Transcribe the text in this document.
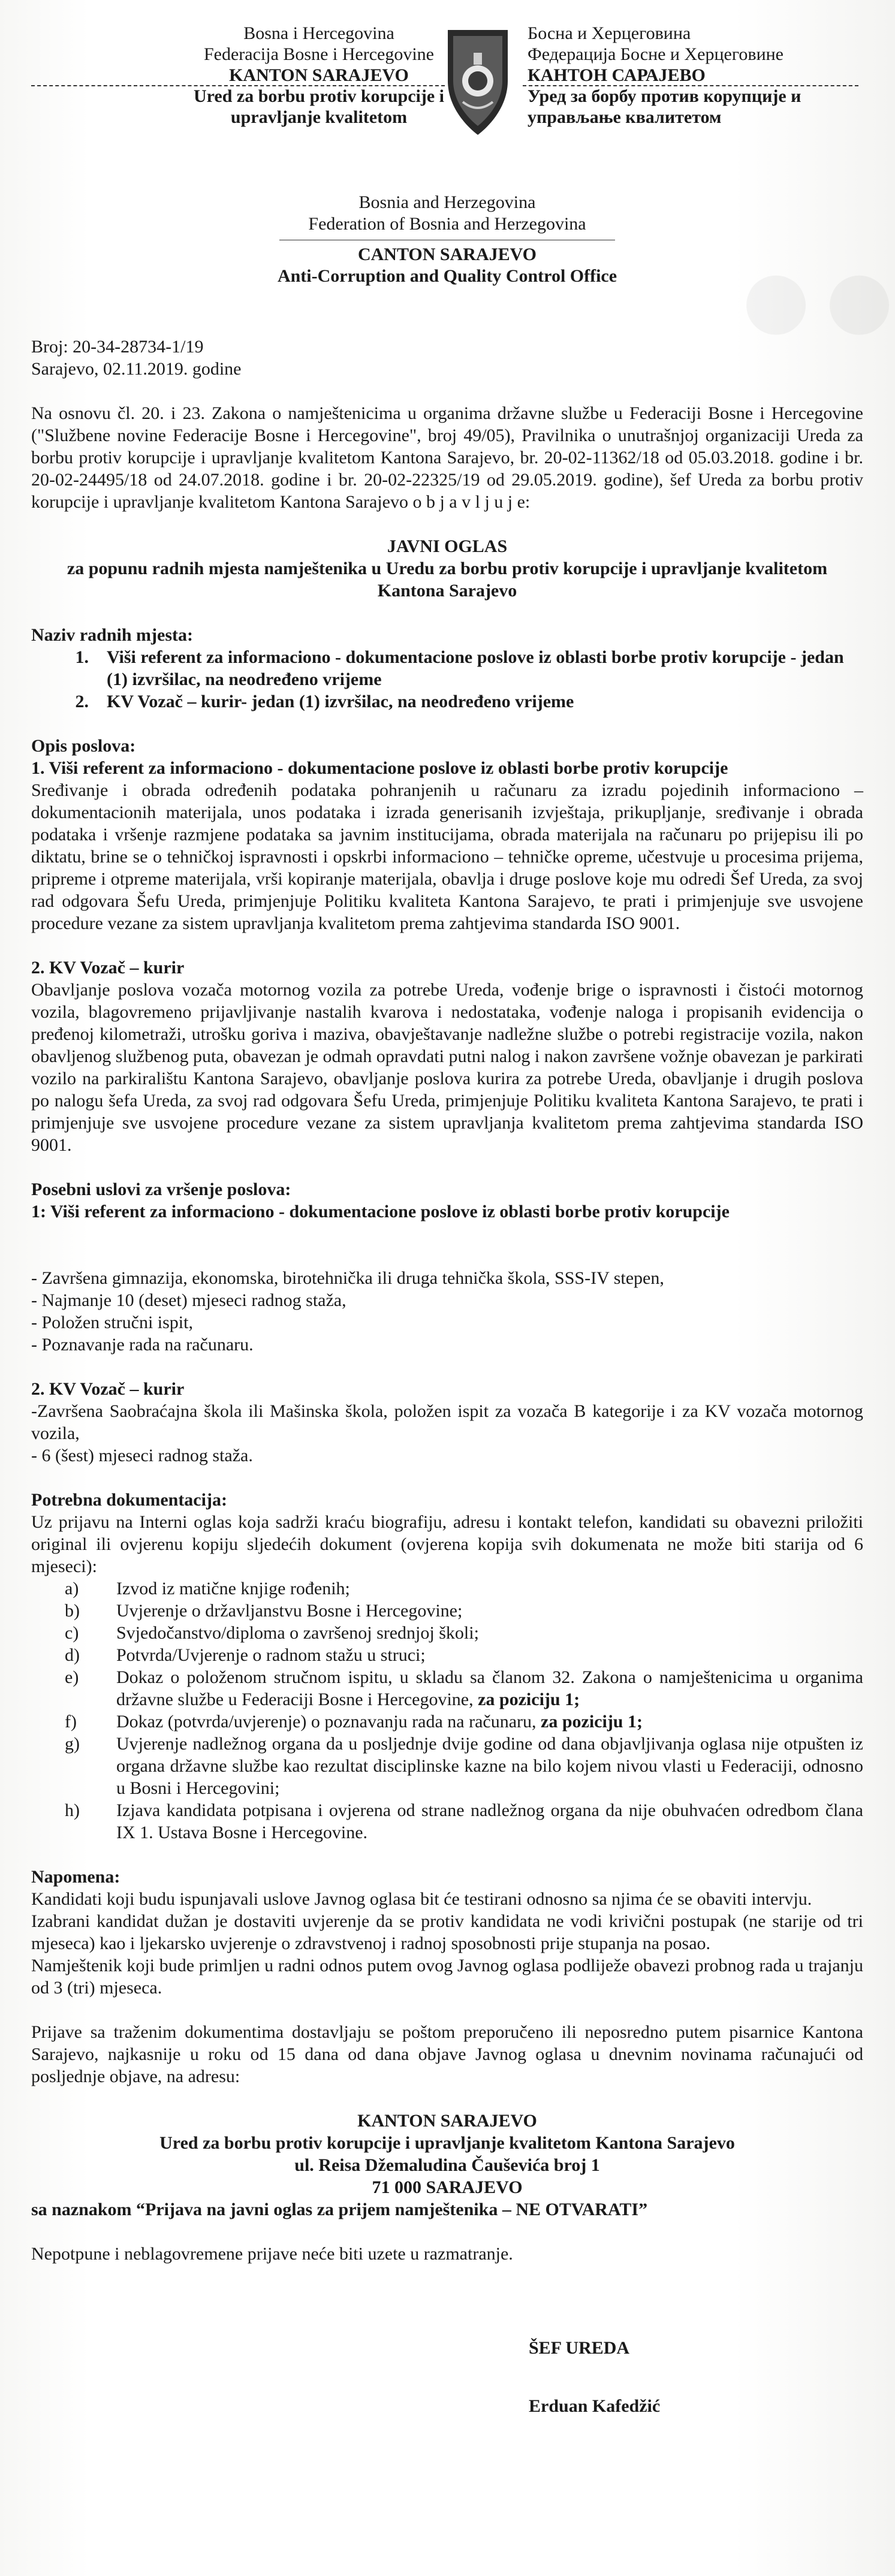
Bosna i Hercegovina
Federacija Bosne i Hercegovine
KANTON SARAJEVO
Ured za borbu protiv korupcije i
upravljanje kvalitetom
Босна и Херцеговина
Федерација Босне и Херцеговине
КАНТОН САРАЈЕВО
Уред за борбу против корупције и
управљање квалитетом
Bosnia and Herzegovina
Federation of Bosnia and Herzegovina
CANTON SARAJEVO
Anti-Corruption and Quality Control Office

Broj: 20-34-28734-1/19

Sarajevo, 02.11.2019. godine

Na osnovu čl. 20. i 23. Zakona o namještenicima u organima državne službe u Federaciji Bosne i Hercegovine ("Službene novine Federacije Bosne i Hercegovine", broj 49/05), Pravilnika o unutrašnjoj organizaciji Ureda za borbu protiv korupcije i upravljanje kvalitetom Kantona Sarajevo, br. 20-02-11362/18 od 05.03.2018. godine i br. 20-02-24495/18 od 24.07.2018. godine i br. 20-02-22325/19 od 29.05.2019. godine), šef Ureda za borbu protiv korupcije i upravljanje kvalitetom Kantona Sarajevo o b j a v l j u j e:

JAVNI OGLAS

za popunu radnih mjesta namještenika u Uredu za borbu protiv korupcije i upravljanje kvalitetom

Kantona Sarajevo

Naziv radnih mjesta:

1.	Viši referent za informaciono - dokumentacione poslove iz oblasti borbe protiv korupcije - jedan (1) izvršilac, na neodređeno vrijeme
2.	KV Vozač – kurir- jedan (1) izvršilac, na neodređeno vrijeme

Opis poslova:

1. Viši referent za informaciono - dokumentacione poslove iz oblasti borbe protiv korupcije

Sređivanje i obrada određenih podataka pohranjenih u računaru za izradu pojedinih informaciono – dokumentacionih materijala, unos podataka i izrada generisanih izvještaja, prikupljanje, sređivanje i obrada podataka i vršenje razmjene podataka sa javnim institucijama, obrada materijala na računaru po prijepisu ili po diktatu, brine se o tehničkoj ispravnosti i opskrbi informaciono – tehničke opreme, učestvuje u procesima prijema, pripreme i otpreme materijala, vrši kopiranje materijala, obavlja i druge poslove koje mu odredi Šef Ureda, za svoj rad odgovara Šefu Ureda, primjenjuje Politiku kvaliteta Kantona Sarajevo, te prati i primjenjuje sve usvojene procedure vezane za sistem upravljanja kvalitetom prema zahtjevima standarda ISO 9001.

2. KV Vozač – kurir

Obavljanje poslova vozača motornog vozila za potrebe Ureda, vođenje brige o ispravnosti i čistoći motornog vozila, blagovremeno prijavljivanje nastalih kvarova i nedostataka, vođenje naloga i propisanih evidencija o pređenoj kilometraži, utrošku goriva i maziva, obavještavanje nadležne službe o potrebi registracije vozila, nakon obavljenog službenog puta, obavezan je odmah opravdati putni nalog i nakon završene vožnje obavezan je parkirati vozilo na parkiralištu Kantona Sarajevo, obavljanje poslova kurira za potrebe Ureda, obavljanje i drugih poslova po nalogu šefa Ureda, za svoj rad odgovara Šefu Ureda, primjenjuje Politiku kvaliteta Kantona Sarajevo, te prati i primjenjuje sve usvojene procedure vezane za sistem upravljanja kvalitetom prema zahtjevima standarda ISO 9001.

Posebni uslovi za vršenje poslova:

1: Viši referent za informaciono - dokumentacione poslove iz oblasti borbe protiv korupcije

- Završena gimnazija, ekonomska, birotehnička ili druga tehnička škola, SSS-IV stepen,

- Najmanje 10 (deset) mjeseci radnog staža,

- Položen stručni ispit,

- Poznavanje rada na računaru.

2. KV Vozač – kurir

-Završena Saobraćajna škola ili Mašinska škola, položen ispit za vozača B kategorije i za KV vozača motornog vozila,

- 6 (šest) mjeseci radnog staža.

Potrebna dokumentacija:

Uz prijavu na Interni oglas koja sadrži kraću biografiju, adresu i kontakt telefon, kandidati su obavezni priložiti original ili ovjerenu kopiju sljedećih dokument (ovjerena kopija svih dokumenata ne može biti starija od 6 mjeseci):

a)	Izvod iz matične knjige rođenih;
b)	Uvjerenje o državljanstvu Bosne i Hercegovine;
c)	Svjedočanstvo/diploma o završenoj srednjoj školi;
d)	Potvrda/Uvjerenje o radnom stažu u struci;
e)	Dokaz o položenom stručnom ispitu, u skladu sa članom 32. Zakona o namještenicima u organima državne službe u Federaciji Bosne i Hercegovine, za poziciju 1;
f)	Dokaz (potvrda/uvjerenje) o poznavanju rada na računaru, za poziciju 1;
g)	Uvjerenje nadležnog organa da u posljednje dvije godine od dana objavljivanja oglasa nije otpušten iz organa državne službe kao rezultat disciplinske kazne na bilo kojem nivou vlasti u Federaciji, odnosno u Bosni i Hercegovini;
h)	Izjava kandidata potpisana i ovjerena od strane nadležnog organa da nije obuhvaćen odredbom člana IX 1. Ustava Bosne i Hercegovine.

Napomena:

Kandidati koji budu ispunjavali uslove Javnog oglasa bit će testirani odnosno sa njima će se obaviti intervju.

Izabrani kandidat dužan je dostaviti uvjerenje da se protiv kandidata ne vodi krivični postupak (ne starije od tri mjeseca) kao i ljekarsko uvjerenje o zdravstvenoj i radnoj sposobnosti prije stupanja na posao.

Namještenik koji bude primljen u radni odnos putem ovog Javnog oglasa podliježe obavezi probnog rada u trajanju od 3 (tri) mjeseca.

Prijave sa traženim dokumentima dostavljaju se poštom preporučeno ili neposredno putem pisarnice Kantona Sarajevo, najkasnije u roku od 15 dana od dana objave Javnog oglasa u dnevnim novinama računajući od posljednje objave, na adresu:

KANTON SARAJEVO

Ured za borbu protiv korupcije i upravljanje kvalitetom Kantona Sarajevo

ul. Reisa Džemaludina Čauševića broj 1

71 000 SARAJEVO

sa naznakom “Prijava na javni oglas za prijem namještenika – NE OTVARATI”

Nepotpune i neblagovremene prijave neće biti uzete u razmatranje.

ŠEF UREDA

Erduan Kafedžić
